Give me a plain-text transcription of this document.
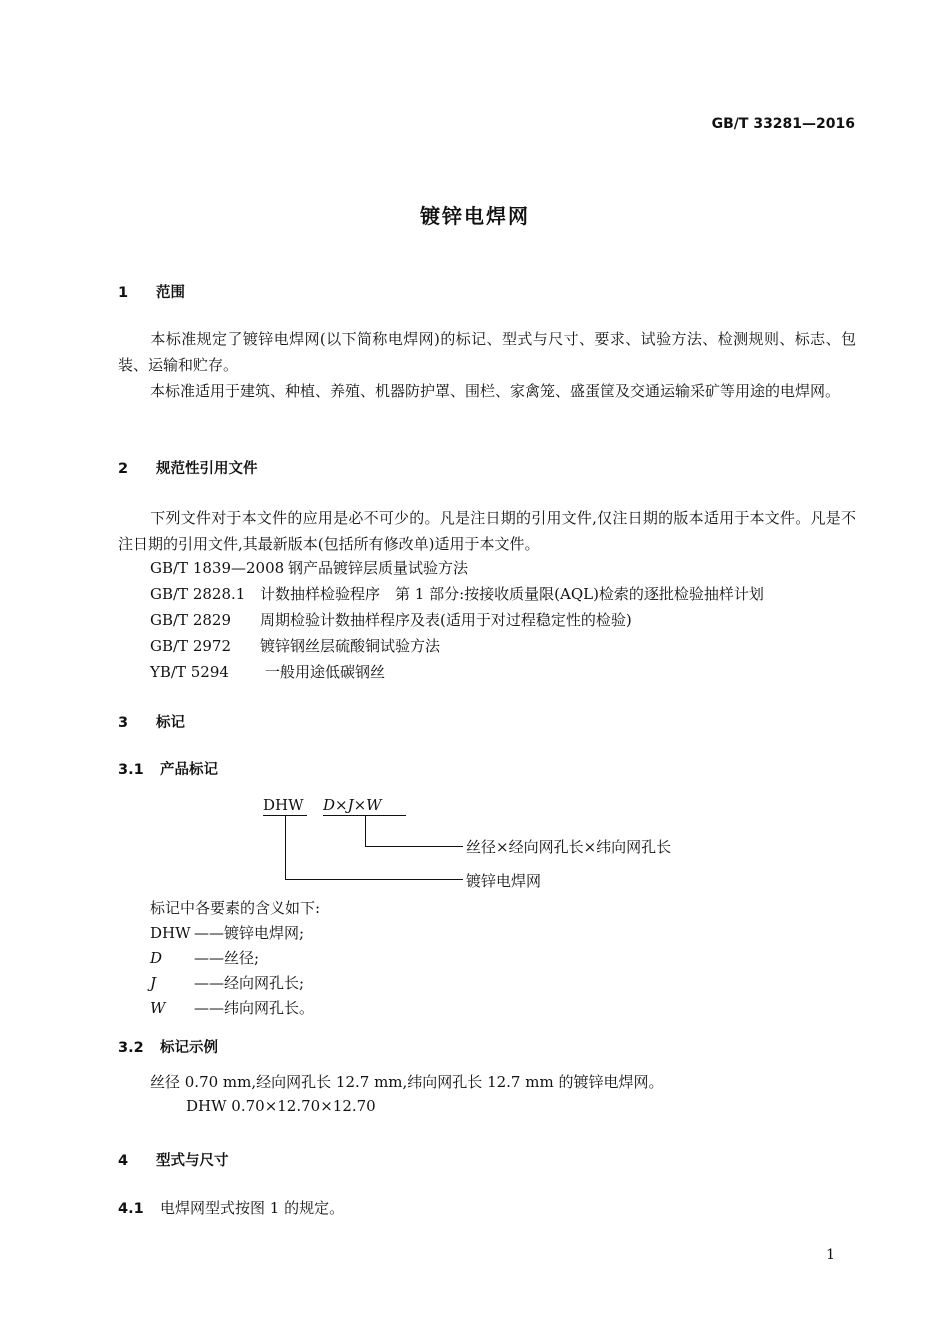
GB/T 33281—2016
镀锌电焊网
1 范围
本标准规定了镀锌电焊网(以下简称电焊网)的标记、型式与尺寸、要求、试验方法、检测规则、标志、包装、运输和贮存。
本标准适用于建筑、种植、养殖、机器防护罩、围栏、家禽笼、盛蛋筐及交通运输采矿等用途的电焊网。
2 规范性引用文件
下列文件对于本文件的应用是必不可少的。凡是注日期的引用文件,仅注日期的版本适用于本文件。凡是不注日期的引用文件,其最新版本(包括所有修改单)适用于本文件。
GB/T 1839—2008 钢产品镀锌层质量试验方法
GB/T 2828.1 计数抽样检验程序　第 1 部分:按接收质量限(AQL)检索的逐批检验抽样计划
GB/T 2829 周期检验计数抽样程序及表(适用于对过程稳定性的检验)
GB/T 2972 镀锌钢丝层硫酸铜试验方法
YB/T 5294 一般用途低碳钢丝
3 标记
3.1 产品标记
DHW D×J×W
丝径×经向网孔长×纬向网孔长
镀锌电焊网
标记中各要素的含义如下:
DHW ——镀锌电焊网;
D ——丝径;
J	——经向网孔长;
W ——纬向网孔长。
3.2 标记示例
丝径 0.70 mm,经向网孔长 12.7 mm,纬向网孔长 12.7 mm 的镀锌电焊网。
DHW 0.70×12.70×12.70
4 型式与尺寸
4.1 电焊网型式按图 1 的规定。
1
